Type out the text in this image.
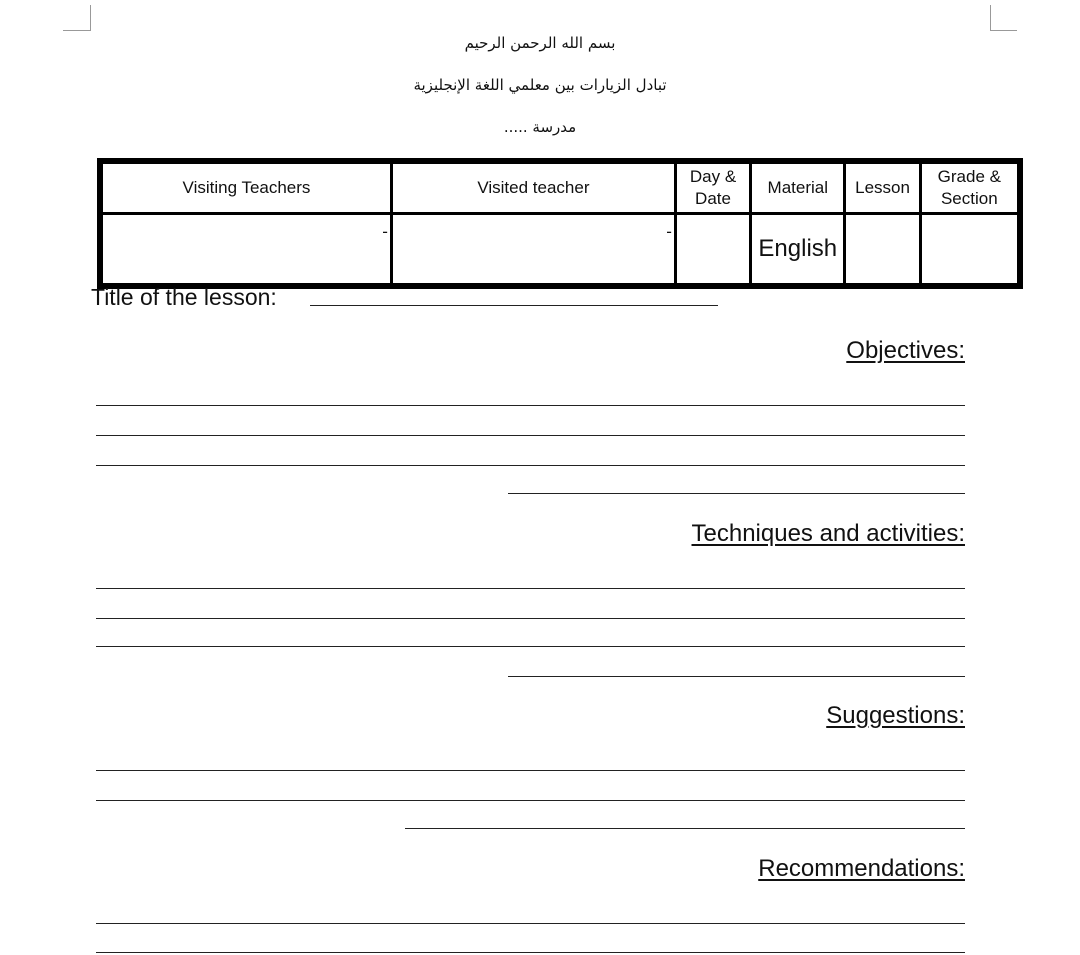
بسم الله الرحمن الرحيم
تبادل الزيارات بين معلمي اللغة الإنجليزية
مدرسة .....
Visiting Teachers	Visited teacher	Day & Date	Material	Lesson	Grade & Section
-	-		English		
Title of the lesson:
Objectives:
Techniques and activities:
Suggestions:
Recommendations:
